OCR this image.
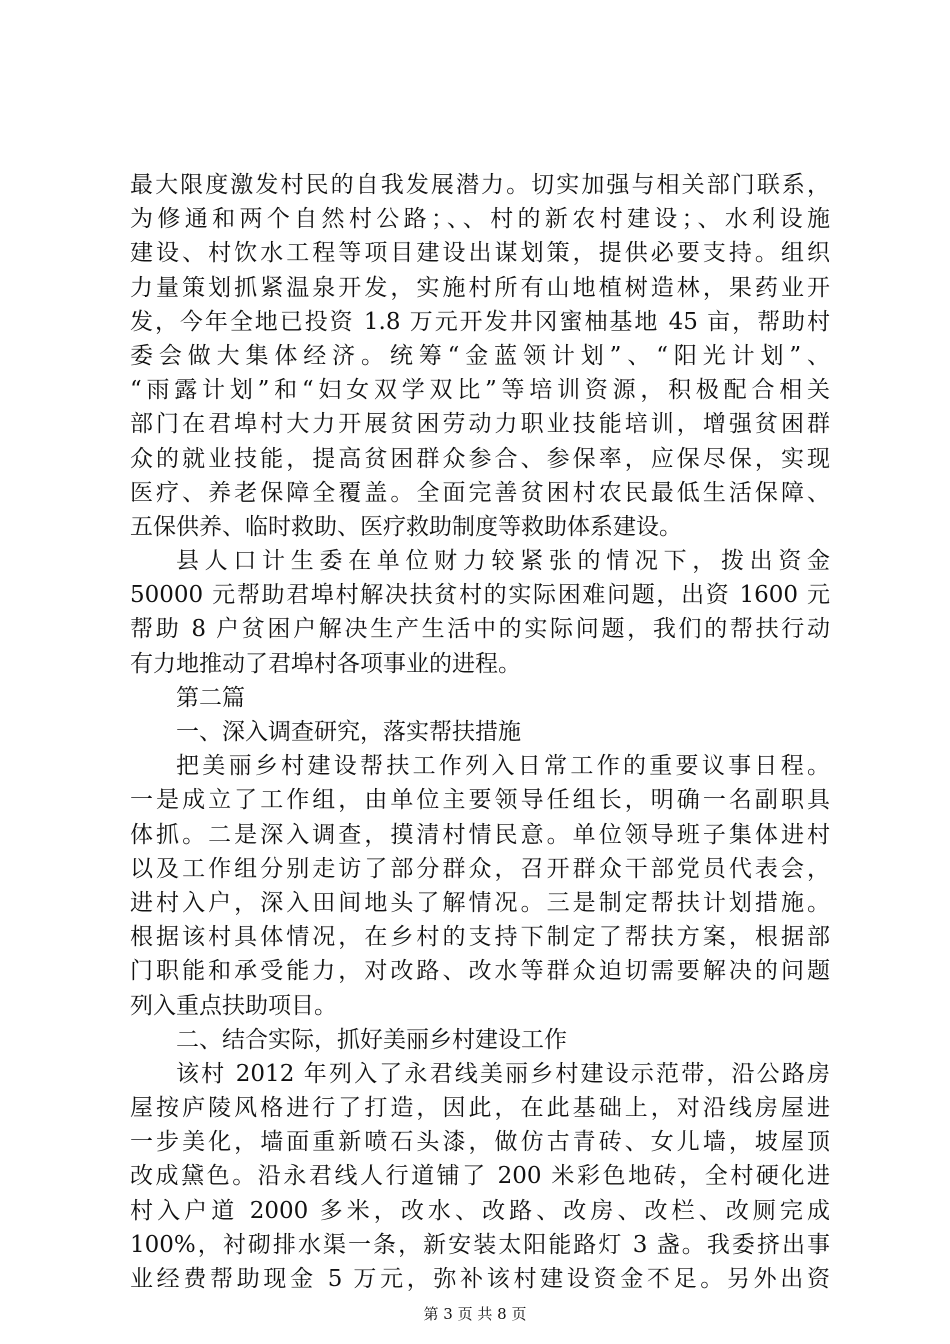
最大限度激发村民的自我发展潜力。切实加强与相关部门联系，
为修通和两个自然村公路；、、村的新农村建设；、水利设施
建设、村饮水工程等项目建设出谋划策，提供必要支持。组织
力量策划抓紧温泉开发，实施村所有山地植树造林，果药业开
发，今年全地已投资 1.8 万元开发井冈蜜柚基地 45 亩，帮助村
委会做大集体经济。统筹“金蓝领计划”、“阳光计划”、
“雨露计划”和“妇女双学双比”等培训资源，积极配合相关
部门在君埠村大力开展贫困劳动力职业技能培训，增强贫困群
众的就业技能，提高贫困群众参合、参保率，应保尽保，实现
医疗、养老保障全覆盖。全面完善贫困村农民最低生活保障、
五保供养、临时救助、医疗救助制度等救助体系建设。
县人口计生委在单位财力较紧张的情况下，拨出资金
50000 元帮助君埠村解决扶贫村的实际困难问题，出资 1600 元
帮助 8 户贫困户解决生产生活中的实际问题，我们的帮扶行动
有力地推动了君埠村各项事业的进程。
第二篇
一、深入调查研究，落实帮扶措施
把美丽乡村建设帮扶工作列入日常工作的重要议事日程。
一是成立了工作组，由单位主要领导任组长，明确一名副职具
体抓。二是深入调查，摸清村情民意。单位领导班子集体进村
以及工作组分别走访了部分群众，召开群众干部党员代表会，
进村入户，深入田间地头了解情况。三是制定帮扶计划措施。
根据该村具体情况，在乡村的支持下制定了帮扶方案，根据部
门职能和承受能力，对改路、改水等群众迫切需要解决的问题
列入重点扶助项目。
二、结合实际，抓好美丽乡村建设工作
该村 2012 年列入了永君线美丽乡村建设示范带，沿公路房
屋按庐陵风格进行了打造，因此，在此基础上，对沿线房屋进
一步美化，墙面重新喷石头漆，做仿古青砖、女儿墙，坡屋顶
改成黛色。沿永君线人行道铺了 200 米彩色地砖，全村硬化进
村入户道 2000 多米，改水、改路、改房、改栏、改厕完成
100%，衬砌排水渠一条，新安装太阳能路灯 3 盏。我委挤出事
业经费帮助现金 5 万元，弥补该村建设资金不足。另外出资
第 3 页 共 8 页
